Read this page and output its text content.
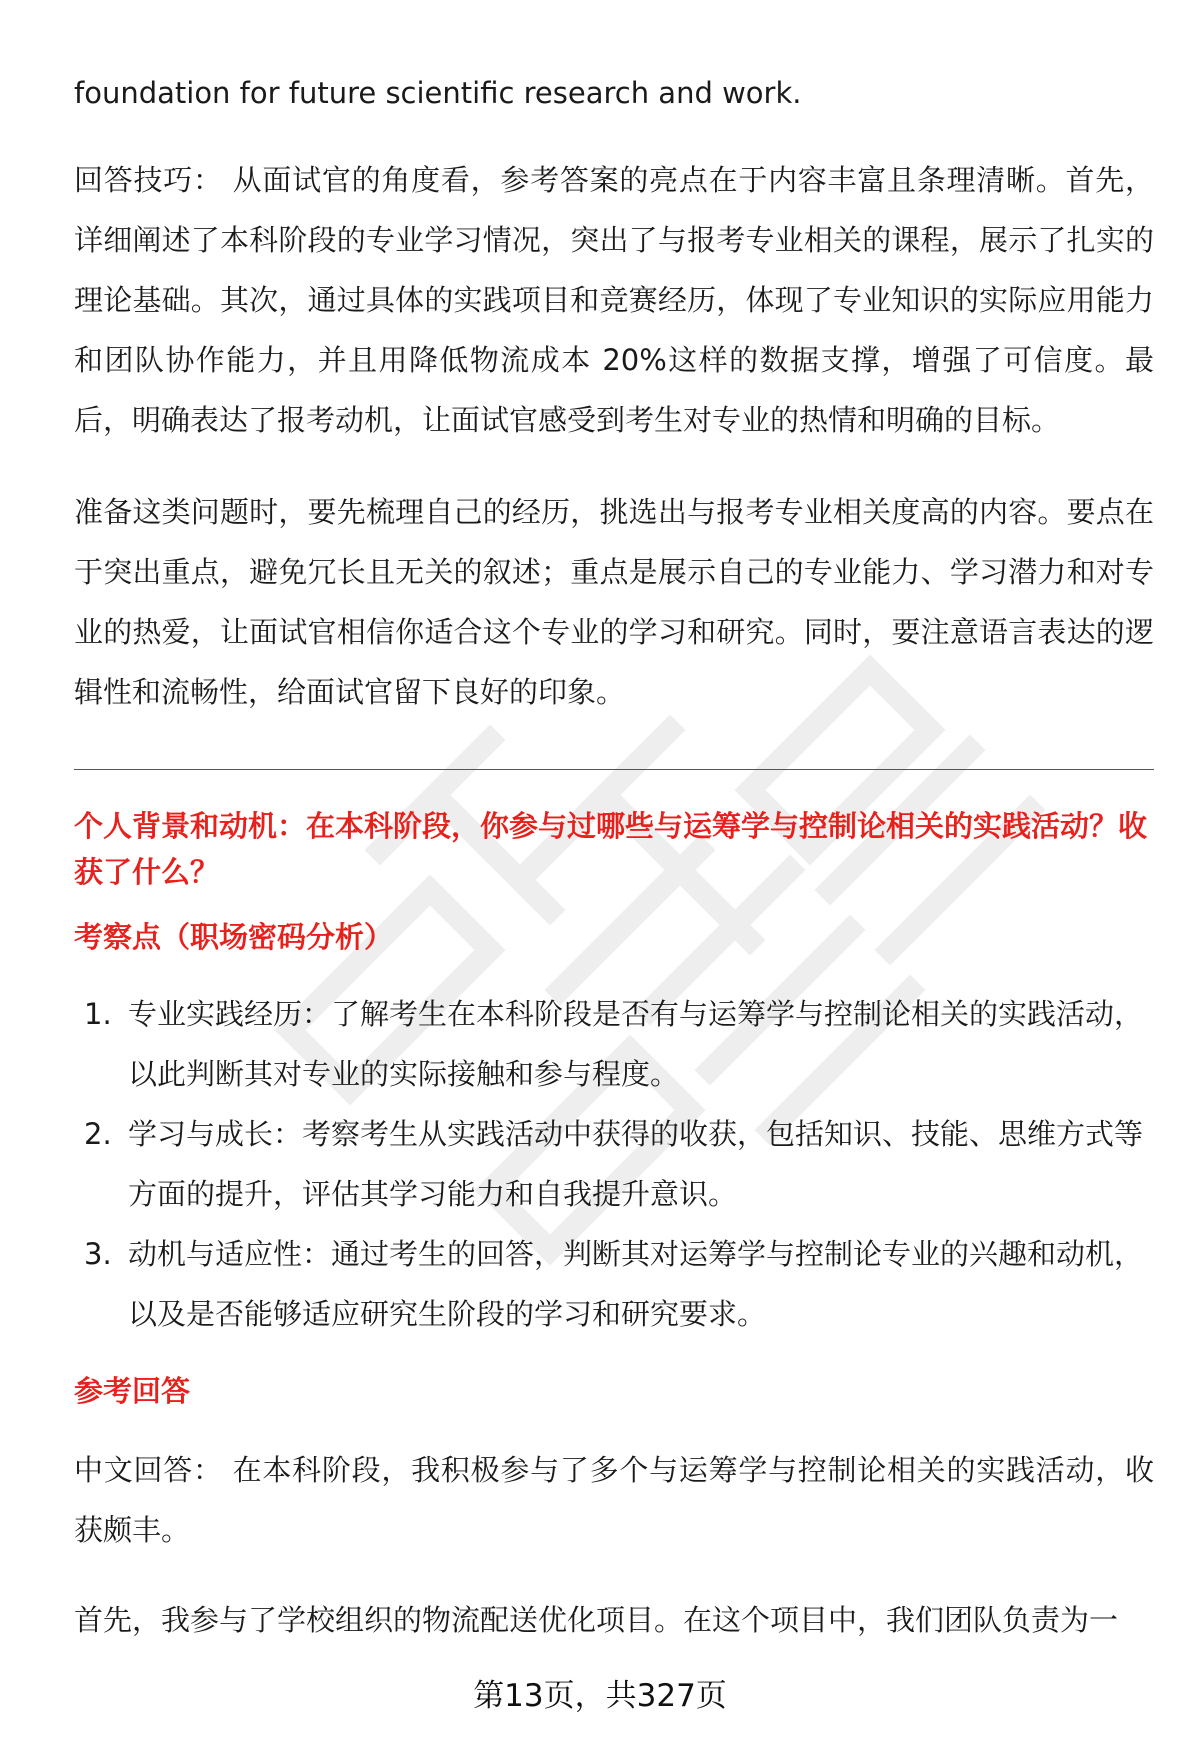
foundation for future scientific research and work.

回答技巧： 从面试官的角度看，参考答案的亮点在于内容丰富且条理清晰。首先，详细阐述了本科阶段的专业学习情况，突出了与报考专业相关的课程，展示了扎实的理论基础。其次，通过具体的实践项目和竞赛经历，体现了专业知识的实际应用能力和团队协作能力，并且用降低物流成本 20%这样的数据支撑，增强了可信度。最后，明确表达了报考动机，让面试官感受到考生对专业的热情和明确的目标。

准备这类问题时，要先梳理自己的经历，挑选出与报考专业相关度高的内容。要点在于突出重点，避免冗长且无关的叙述；重点是展示自己的专业能力、学习潜力和对专业的热爱，让面试官相信你适合这个专业的学习和研究。同时，要注意语言表达的逻辑性和流畅性，给面试官留下良好的印象。

个人背景和动机：在本科阶段，你参与过哪些与运筹学与控制论相关的实践活动？收获了什么？

考察点（职场密码分析）

1. 专业实践经历：了解考生在本科阶段是否有与运筹学与控制论相关的实践活动，以此判断其对专业的实际接触和参与程度。
2. 学习与成长：考察考生从实践活动中获得的收获，包括知识、技能、思维方式等方面的提升，评估其学习能力和自我提升意识。
3. 动机与适应性：通过考生的回答，判断其对运筹学与控制论专业的兴趣和动机，以及是否能够适应研究生阶段的学习和研究要求。

参考回答

中文回答： 在本科阶段，我积极参与了多个与运筹学与控制论相关的实践活动，收获颇丰。

首先，我参与了学校组织的物流配送优化项目。在这个项目中，我们团队负责为一

第13页，共327页
